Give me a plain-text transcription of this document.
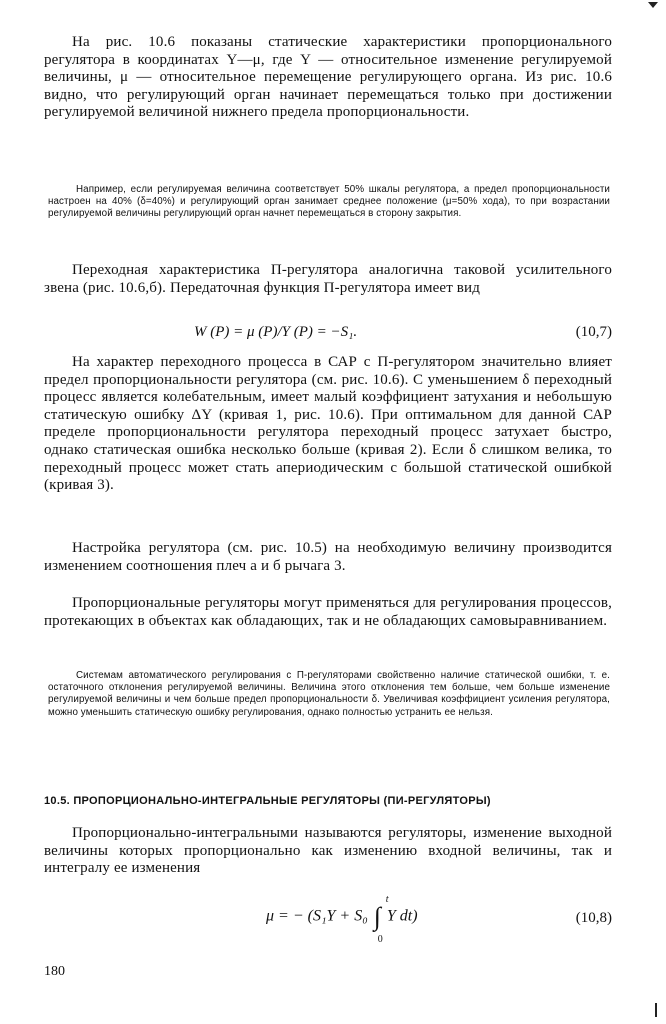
На рис. 10.6 показаны статические характеристики пропорционального регулятора в координатах Y—μ, где Y — относительное изменение регулируемой величины, μ — относительное перемещение регулирующего органа. Из рис. 10.6 видно, что регулирующий орган начинает перемещаться только при достижении регулируемой величиной нижнего предела пропорциональности.

Например, если регулируемая величина соответствует 50% шкалы регулятора, а предел пропорциональности настроен на 40% (δ=40%) и регулирующий орган занимает среднее положение (μ=50% хода), то при возрастании регулируемой величины регулирующий орган начнет перемещаться в сторону закрытия.

Переходная характеристика П-регулятора аналогична таковой усилительного звена (рис. 10.6,б). Передаточная функция П-регулятора имеет вид

W (P) = μ (P)/Y (P) = −S₁.	(10,7)

На характер переходного процесса в САР с П-регулятором значительно влияет предел пропорциональности регулятора (см. рис. 10.6). С уменьшением δ переходный процесс является колебательным, имеет малый коэффициент затухания и небольшую статическую ошибку ΔY (кривая 1, рис. 10.6). При оптимальном для данной САР пределе пропорциональности регулятора переходный процесс затухает быстро, однако статическая ошибка несколько больше (кривая 2). Если δ слишком велика, то переходный процесс может стать апериодическим с большой статической ошибкой (кривая 3).

Настройка регулятора (см. рис. 10.5) на необходимую величину производится изменением соотношения плеч а и б рычага 3.

Пропорциональные регуляторы могут применяться для регулирования процессов, протекающих в объектах как обладающих, так и не обладающих самовыравниванием.

Системам автоматического регулирования с П-регуляторами свойственно наличие статической ошибки, т. е. остаточного отклонения регулируемой величины. Величина этого отклонения тем больше, чем больше изменение регулируемой величины и чем больше предел пропорциональности δ. Увеличивая коэффициент усиления регулятора, можно уменьшить статическую ошибку регулирования, однако полностью устранить ее нельзя.

10.5. ПРОПОРЦИОНАЛЬНО-ИНТЕГРАЛЬНЫЕ РЕГУЛЯТОРЫ (ПИ-РЕГУЛЯТОРЫ)

Пропорционально-интегральными называются регуляторы, изменение выходной величины которых пропорционально как изменению входной величины, так и интегралу ее изменения

μ = − (S₁Y + S₀ ∫
t
0
Y dt)	(10,8)
180
